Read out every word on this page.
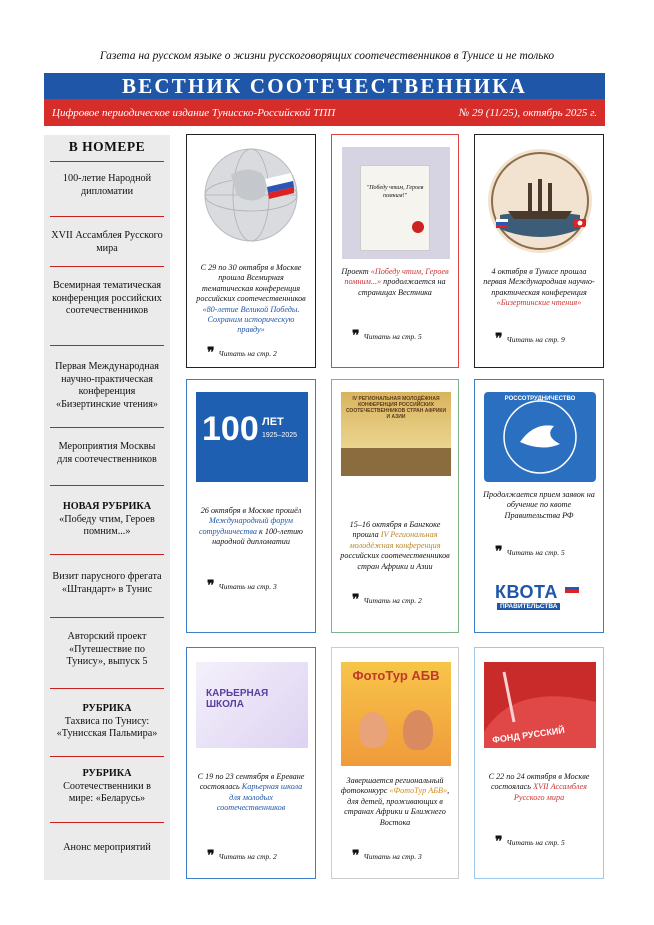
Газета на русском языке о жизни русскоговорящих соотечественников в Тунисе и не только
ВЕСТНИК СООТЕЧЕСТВЕННИКА
Цифровое периодическое издание Тунисско-Российской ТПП	№ 29 (11/25), октябрь 2025 г.
В НОМЕРЕ
100-летие Народной дипломатии
XVII Ассамблея Русского мира
Всемирная тематическая конференция российских соотечественников
Первая Международная научно-практическая конференция «Бизертинские чтения»
Мероприятия Москвы для соотечественников
НОВАЯ РУБРИКА
«Победу чтим, Героев помним...»
Визит парусного фрегата «Штандарт» в Тунис
Авторский проект «Путешествие по Тунису», выпуск 5
РУБРИКА
Тахвиса по Тунису: «Тунисская Пальмира»
РУБРИКА
Соотечественники в мире: «Беларусь»
Анонс мероприятий
С 29 по 30 октября в Москве прошла Всемирная тематическая конференция российских соотечественников «80-летие Великой Победы. Сохраним историческую правду»
❞ Читать на стр. 2
"Победу чтим, Героев помним!"
Проект «Победу чтим, Героев помним...» продолжается на страницах Вестника
❞ Читать на стр. 5
4 октября в Тунисе прошла первая Международная научно-практическая конференция «Бизертинские чтения»
❞ Читать на стр. 9
100 ЛЕТ
1925–2025
26 октября в Москве прошёл Международный форум сотрудничества к 100-летию народной дипломатии
❞ Читать на стр. 3
IV РЕГИОНАЛЬНАЯ МОЛОДЁЖНАЯ КОНФЕРЕНЦИЯ РОССИЙСКИХ СООТЕЧЕСТВЕННИКОВ СТРАН АФРИКИ И АЗИИ
15–16 октября в Бангкоке прошла IV Региональная молодёжная конференция российских соотечественников стран Африки и Азии
❞ Читать на стр. 2
РОССОТРУДНИЧЕСТВО
Продолжается прием заявок на обучение по квоте Правительства РФ
❞ Читать на стр. 5
КВОТА
ПРАВИТЕЛЬСТВА
КАРЬЕРНАЯ ШКОЛА
С 19 по 23 сентября в Ереване состоялась Карьерная школа для молодых соотечественников
❞ Читать на стр. 2
ФотоТур АБВ
Завершается региональный фотоконкурс «ФотоТур АБВ», для детей, проживающих в странах Африки и Ближнего Востока
❞ Читать на стр. 3
ФОНД РУССКИЙ
С 22 по 24 октября в Москве состоялась XVII Ассамблея Русского мира
❞ Читать на стр. 5
